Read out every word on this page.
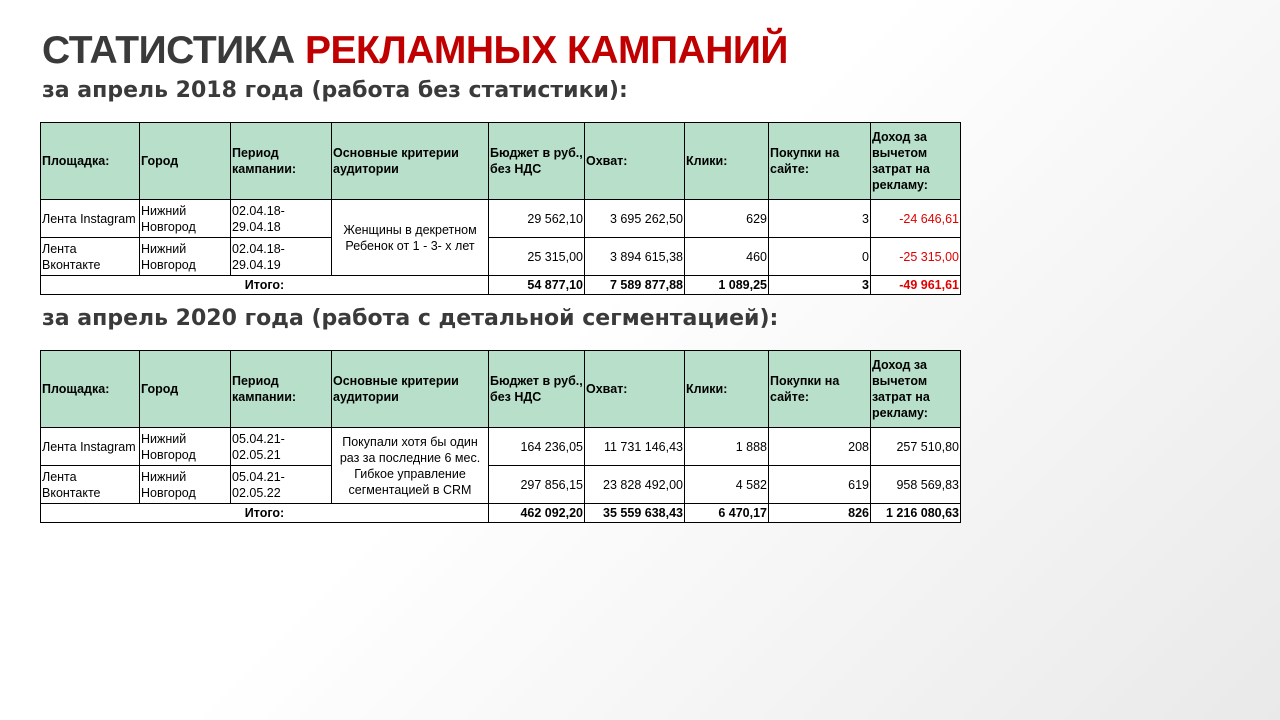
СТАТИСТИКА РЕКЛАМНЫХ КАМПАНИЙ
за апрель 2018 года (работа без статистики):
Площадка:	Город	Период кампании:	Основные критерии аудитории	Бюджет в руб., без НДС	Охват:	Клики:	Покупки на сайте:	Доход за вычетом затрат на рекламу:
Лента Instagram	Нижний Новгород	02.04.18-29.04.18	Женщины в декретном
Ребенок от 1 - 3- х лет	29 562,10	3 695 262,50	629	3	-24 646,61
Лента Вконтакте	Нижний Новгород	02.04.18-29.04.19		25 315,00	3 894 615,38	460	0	-25 315,00
Итого:				54 877,10	7 589 877,88	1 089,25	3	-49 961,61
за апрель 2020 года (работа с детальной сегментацией):
Площадка:	Город	Период кампании:	Основные критерии аудитории	Бюджет в руб., без НДС	Охват:	Клики:	Покупки на сайте:	Доход за вычетом затрат на рекламу:
Лента Instagram	Нижний Новгород	05.04.21-02.05.21	Покупали хотя бы один
раз за последние 6 мес.
Гибкое управление
сегментацией в CRM	164 236,05	11 731 146,43	1 888	208	257 510,80
Лента Вконтакте	Нижний Новгород	05.04.21-02.05.22		297 856,15	23 828 492,00	4 582	619	958 569,83
Итого:				462 092,20	35 559 638,43	6 470,17	826	1 216 080,63
